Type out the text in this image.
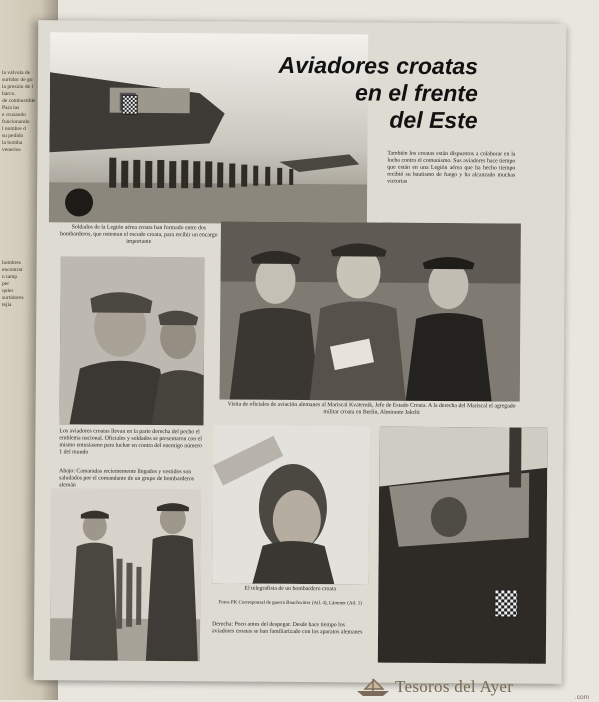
la válvula de
surtidor de go
la presión de l
barco.
de combustible
Para las
e cruzando
funcionando
l nombre d
su pedido
la bomba
venerios
hombres
encontrar
n tamp
per
quier
surtidores
tejía
Aviadores croatas
en el frente
del Este
También los croatas están dispuestos a colaborar en la lucha contra el comunismo. Sus aviadores hace tiempo que están en una Legión aérea que ha hecho tiempo recibió su bautismo de fuego y ha alcanzado muchas victorias
Soldados de la Legión aérea croata han formado entre dos bombarderos, que ostentan el escudo croata, para recibir un encargo importante
Los aviadores croatas llevan en la parte derecha del pecho el emblema nacional. Oficiales y soldados se presentaron con el mismo entusiasmo para luchar en contra del enemigo número 1 del mundo
Abajo: Camaradas recientemente llegados y vestidos son saludados por el comandante de un grupo de bombarderos alemán
Visita de oficiales de aviación alemanes al Mariscal Kvaternik, Jefe de Estado Croata. A la derecha del Mariscal el agregado militar croata en Berlín, Almirante Jakchi
El telegrafista de un bombardero croata
Fotos PK Corresponsal de guerra Bauchwitter (Atl. 4), Lämmer (Atl. 1)
Derecha: Poco antes del despegar. Desde hace tiempo los aviadores croatas se han familiarizado con los aparatos alemanes
777
Tesoros del Ayer
.com
